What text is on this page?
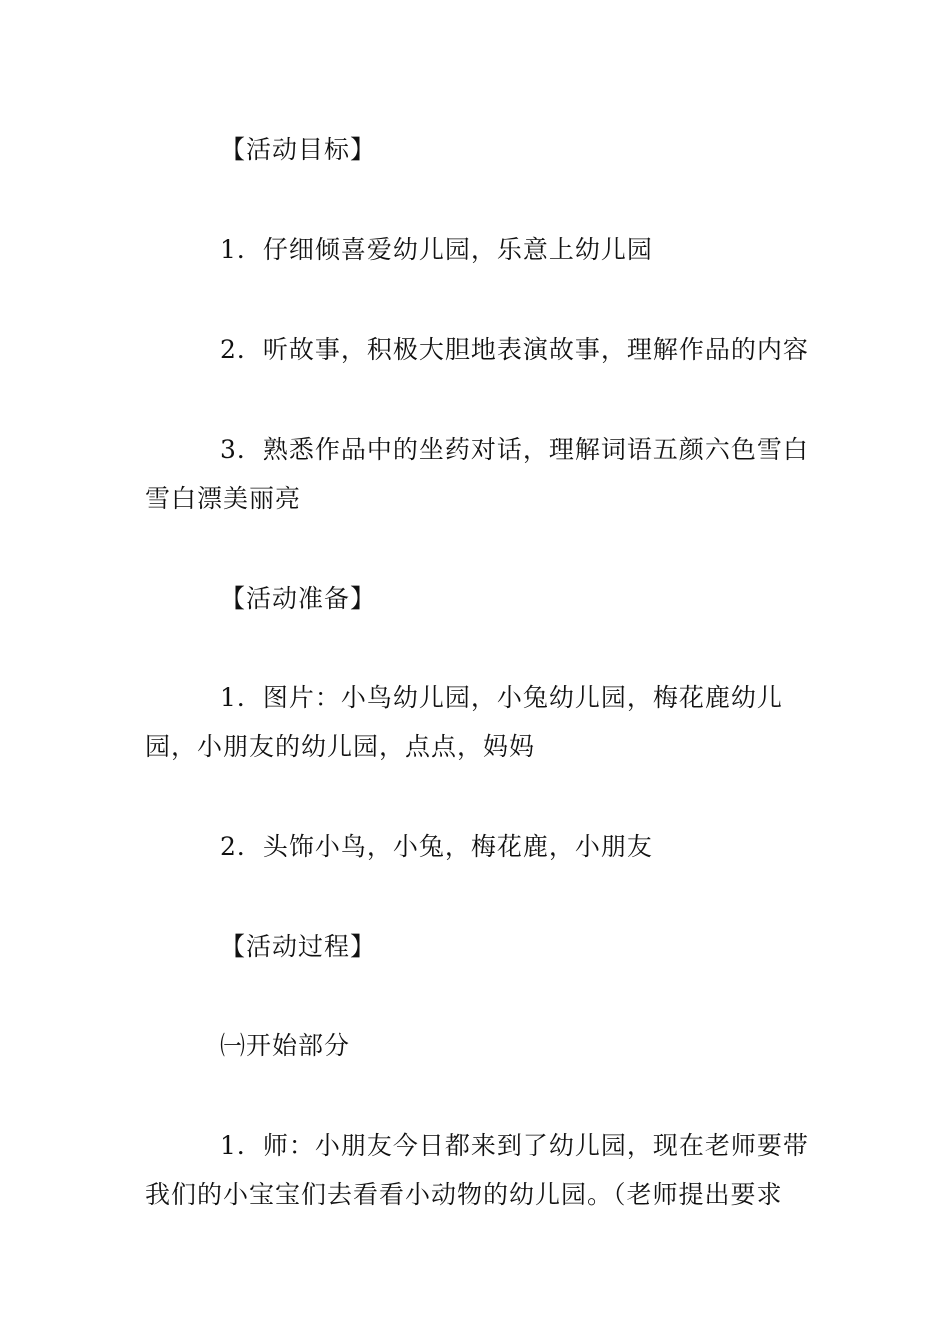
【活动目标】

1．仔细倾喜爱幼儿园，乐意上幼儿园

2．听故事，积极大胆地表演故事，理解作品的内容

3．熟悉作品中的坐药对话，理解词语五颜六色雪白雪白漂美丽亮

【活动准备】

1．图片：小鸟幼儿园，小兔幼儿园，梅花鹿幼儿园，小朋友的幼儿园，点点，妈妈

2．头饰小鸟，小兔，梅花鹿，小朋友

【活动过程】

㈠开始部分

1．师：小朋友今日都来到了幼儿园，现在老师要带我们的小宝宝们去看看小动物的幼儿园。（老师提出要求
